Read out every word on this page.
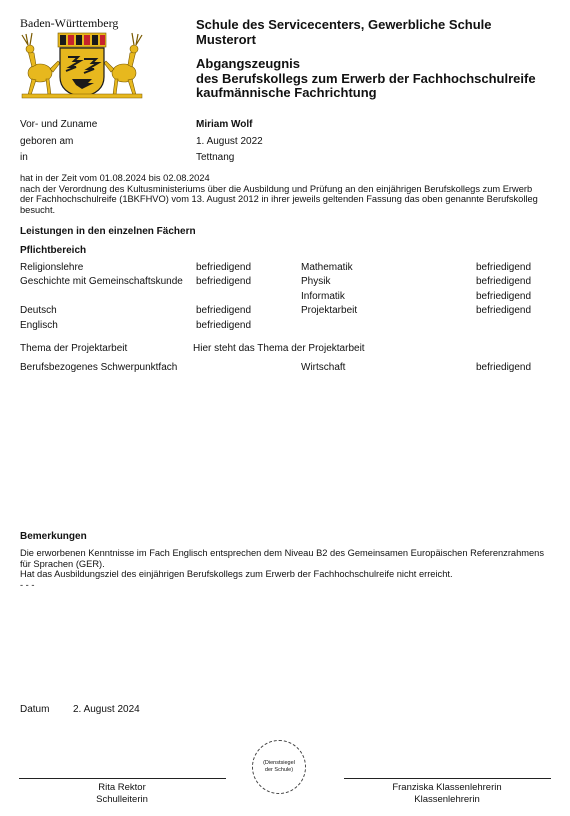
Baden-Württemberg	Schule des Servicecenters, Gewerbliche Schule Musterort
Abgangszeugnis
des Berufskollegs zum Erwerb der Fachhochschulreife
kaufmännische Fachrichtung
Vor- und Zuname	Miriam Wolf
geboren am	1. August 2022
in	Tettnang
hat in der Zeit vom 01.08.2024 bis 02.08.2024
nach der Verordnung des Kultusministeriums über die Ausbildung und Prüfung an den einjährigen Berufskollegs zum Erwerb der Fachhochschulreife (1BKFHVO) vom 13. August 2012 in ihrer jeweils geltenden Fassung das oben genannte Berufskolleg besucht.
Leistungen in den einzelnen Fächern
Pflichtbereich
Religionslehre	befriedigend
Geschichte mit Gemeinschaftskunde	befriedigend
Deutsch	befriedigend
Englisch	befriedigend
Mathematik	befriedigend
Physik	befriedigend
Informatik	befriedigend
Projektarbeit	befriedigend
Thema der Projektarbeit	Hier steht das Thema der Projektarbeit
Berufsbezogenes Schwerpunktfach	Wirtschaft	befriedigend
Bemerkungen
Die erworbenen Kenntnisse im Fach Englisch entsprechen dem Niveau B2 des Gemeinsamen Europäischen Referenzrahmens für Sprachen (GER).
Hat das Ausbildungsziel des einjährigen Berufskollegs zum Erwerb der Fachhochschulreife nicht erreicht.
- - -
Datum 2. August 2024
(Dienstsiegel
der Schule)
Rita Rektor
Schulleiterin
Franziska Klassenlehrerin
Klassenlehrerin
